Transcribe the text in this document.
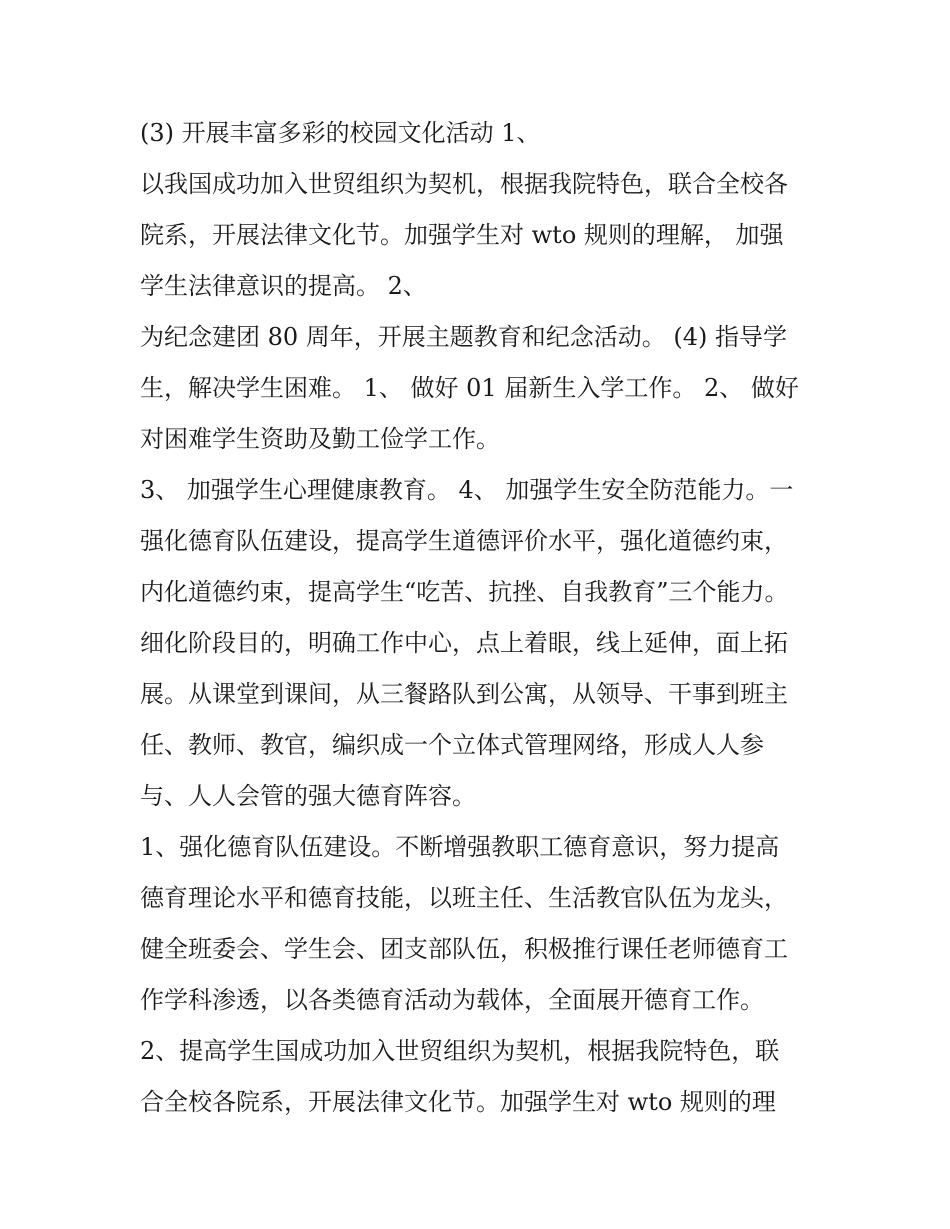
(3) 开展丰富多彩的校园文化活动 1、
以我国成功加入世贸组织为契机，根据我院特色，联合全校各
院系，开展法律文化节。加强学生对 wto 规则的理解， 加强
学生法律意识的提高。 2、
为纪念建团 80 周年，开展主题教育和纪念活动。 (4) 指导学
生，解决学生困难。 1、 做好 01 届新生入学工作。 2、 做好
对困难学生资助及勤工俭学工作。
3、 加强学生心理健康教育。 4、 加强学生安全防范能力。一
强化德育队伍建设，提高学生道德评价水平，强化道德约束，
内化道德约束，提高学生“吃苦、抗挫、自我教育”三个能力。
细化阶段目的，明确工作中心，点上着眼，线上延伸，面上拓
展。从课堂到课间，从三餐路队到公寓，从领导、干事到班主
任、教师、教官，编织成一个立体式管理网络，形成人人参
与、人人会管的强大德育阵容。
1、强化德育队伍建设。不断增强教职工德育意识，努力提高
德育理论水平和德育技能，以班主任、生活教官队伍为龙头，
健全班委会、学生会、团支部队伍，积极推行课任老师德育工
作学科渗透，以各类德育活动为载体，全面展开德育工作。
2、提高学生国成功加入世贸组织为契机，根据我院特色，联
合全校各院系，开展法律文化节。加强学生对 wto 规则的理
